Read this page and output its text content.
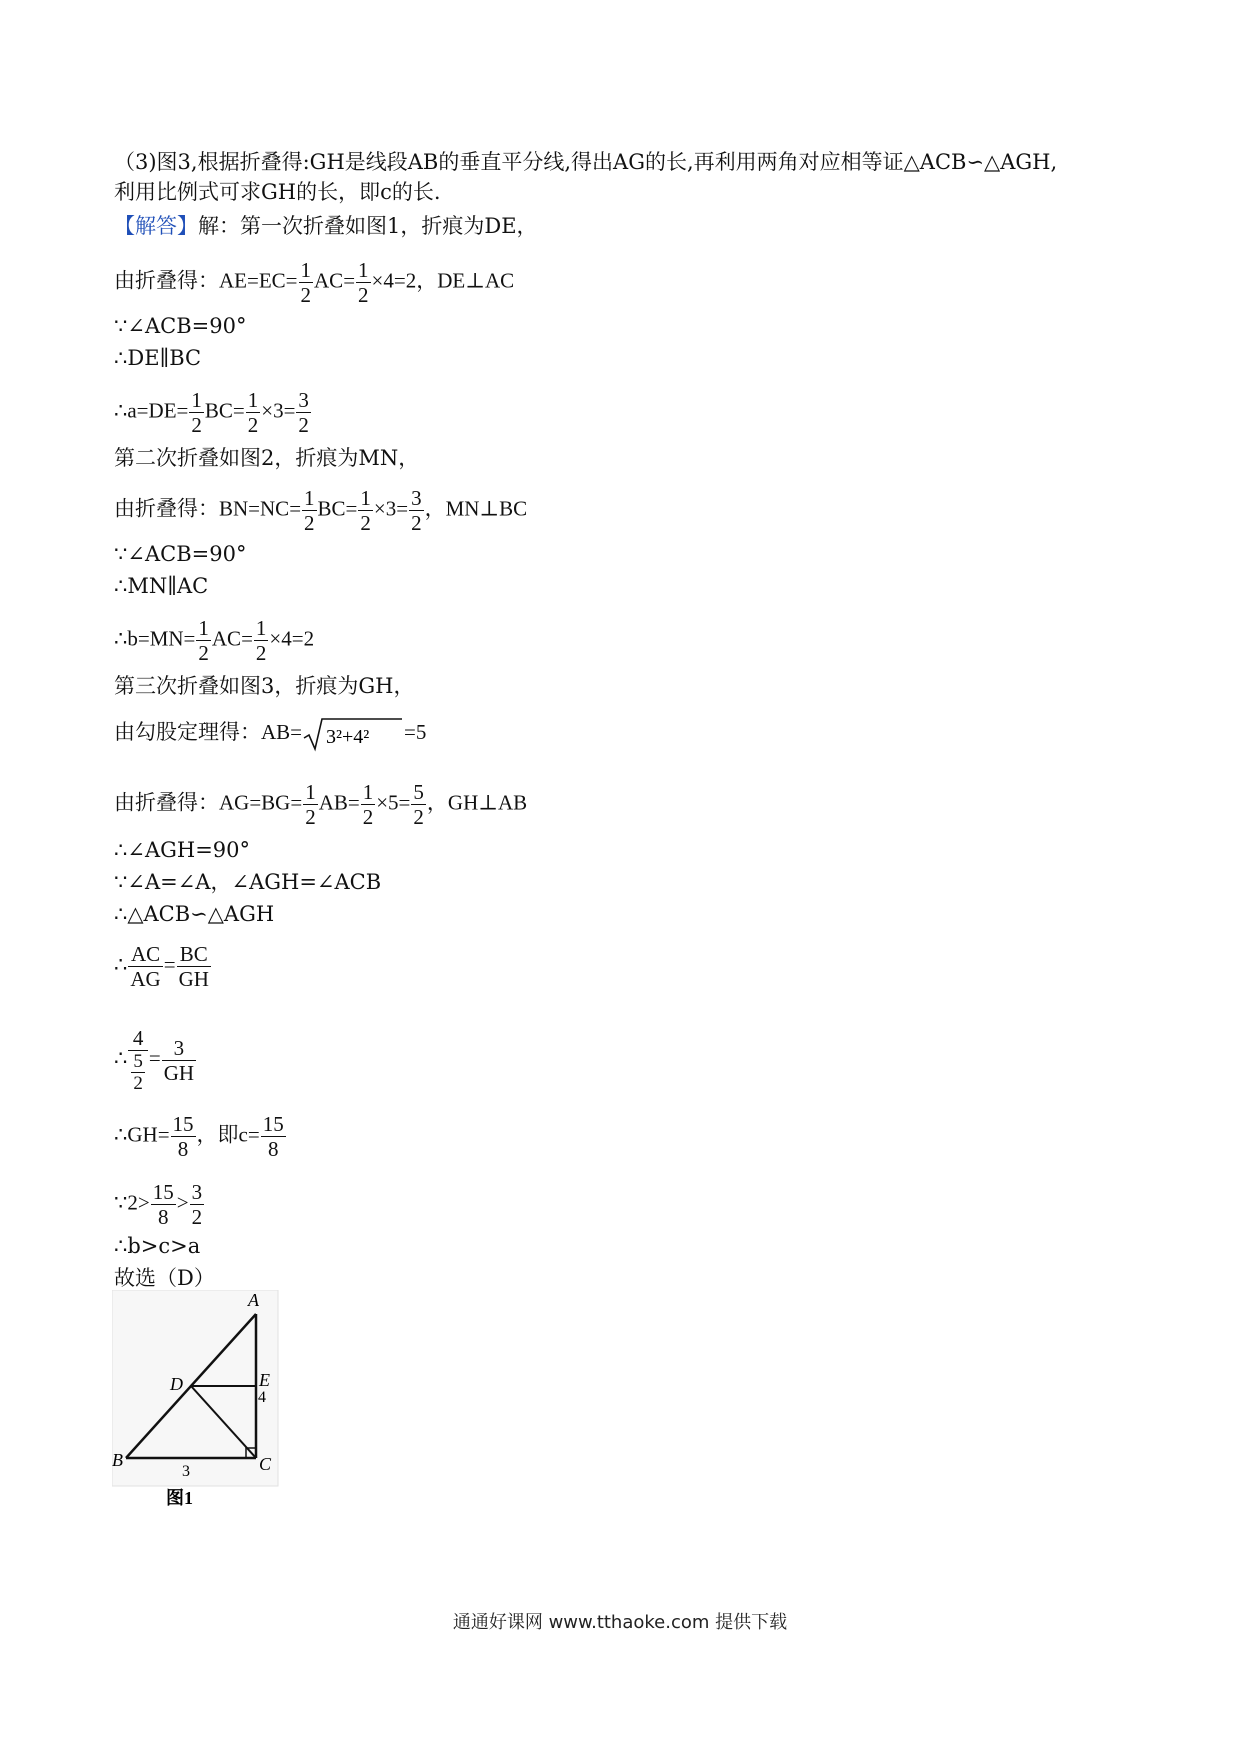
（3)图3,根据折叠得:GH是线段AB的垂直平分线,得出AG的长,再利用两角对应相等证△ACB∽△AGH,
利用比例式可求GH的长，即c的长.
【解答】解：第一次折叠如图1，折痕为DE，
由折叠得：$AE=EC= \frac{1}{2} AC= \frac{1}{2} \times 4=2$，DE⊥AC
∵∠ACB=90°
∴DE∥BC
∴a=DE= $\frac{1}{2} BC= \frac{1}{2} \times 3= \frac{3}{2}$
第二次折叠如图2，折痕为MN，
由折叠得：$BN=NC= \frac{1}{2} BC= \frac{1}{2} \times 3= \frac{3}{2}$ ，MN⊥BC
∵∠ACB=90°
∴MN∥AC
∴b=MN= $\frac{1}{2} AC= \frac{1}{2} \times 4=2$
第三次折叠如图3，折痕为GH，
由勾股定理得：AB= 3²+4² =5
由折叠得：$AG=BG= \frac{1}{2} AB= \frac{1}{2} \times 5= \frac{5}{2}$ ，GH⊥AB
∴∠AGH=90°
∵∠A=∠A，∠AGH=∠ACB
∴△ACB∽△AGH
∴ $\frac{AC}{AG} = \frac{BC}{GH}$
∴ $\frac{4}{\frac{5}{2}} = \frac{3}{GH}$
∴GH= $\frac{15}{8}$ ，即$c= \frac{15}{8}$
∵2> $\frac{15}{8} > \frac{3}{2}$
∴b>c>a
故选（D）
A
B	C
D	E
4
3
图1
通通好课网 www.tthaoke.com 提供下载
